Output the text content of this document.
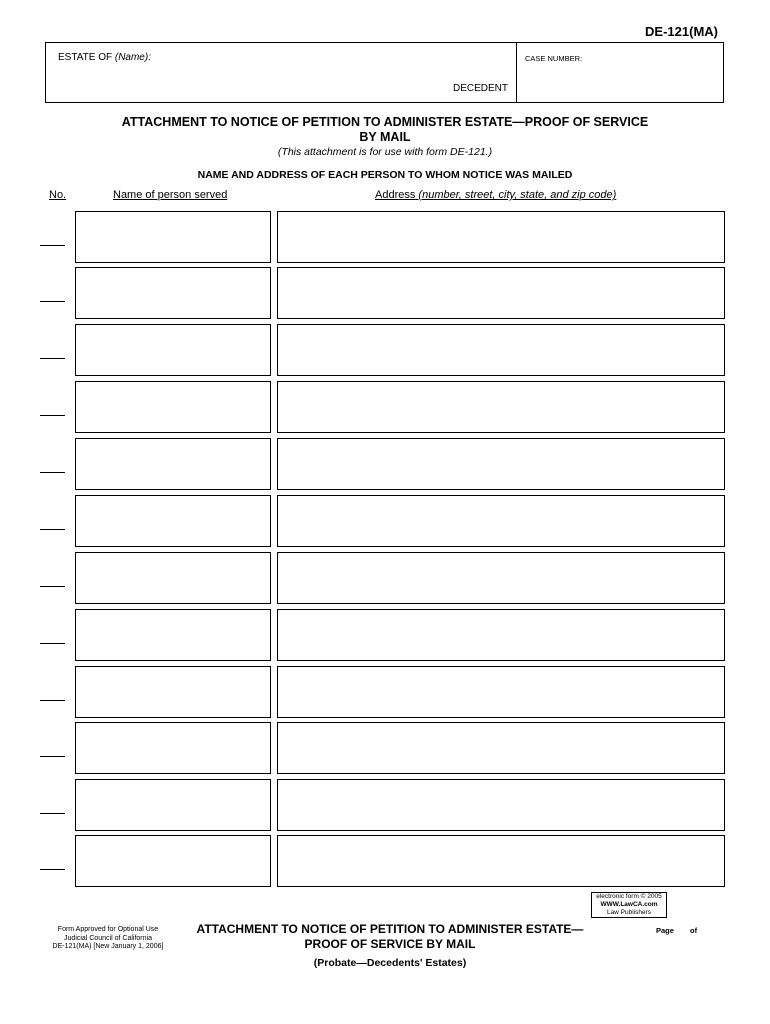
DE-121(MA)
ESTATE OF (Name):	CASE NUMBER:
DECEDENT
ATTACHMENT TO NOTICE OF PETITION TO ADMINISTER ESTATE—PROOF OF SERVICE
BY MAIL
(This attachment is for use with form DE-121.)
NAME AND ADDRESS OF EACH PERSON TO WHOM NOTICE WAS MAILED
No.	Name of person served	Address (number, street, city, state, and zip code)
electronic form © 2005
WWW.LawCA.com
Law Publishers
Form Approved for Optional Use
Judicial Council of California
DE-121(MA) [New January 1, 2006]
ATTACHMENT TO NOTICE OF PETITION TO ADMINISTER ESTATE—
PROOF OF SERVICE BY MAIL
(Probate—Decedents' Estates)
Page of
